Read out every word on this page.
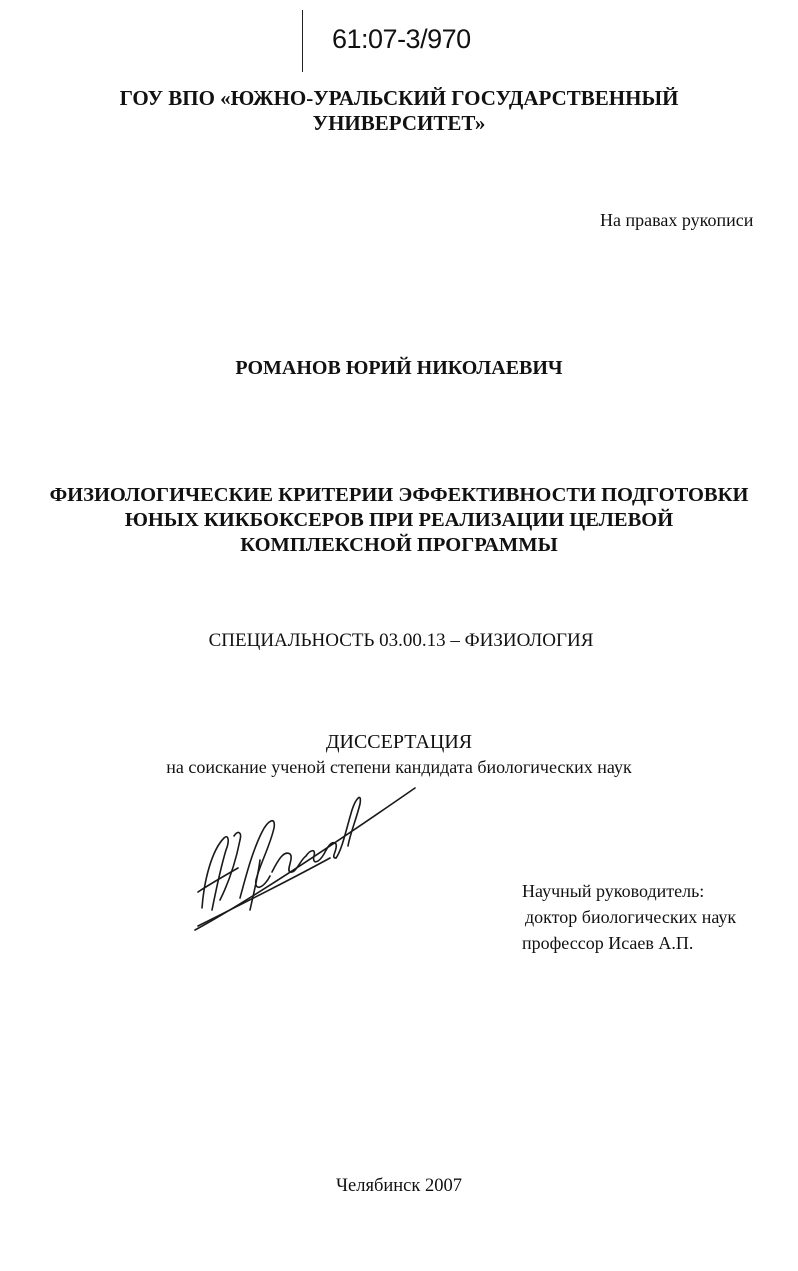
61:07-3/970
ГОУ ВПО «ЮЖНО-УРАЛЬСКИЙ ГОСУДАРСТВЕННЫЙ
УНИВЕРСИТЕТ»
На правах рукописи
РОМАНОВ ЮРИЙ НИКОЛАЕВИЧ
ФИЗИОЛОГИЧЕСКИЕ КРИТЕРИИ ЭФФЕКТИВНОСТИ ПОДГОТОВКИ
ЮНЫХ КИКБОКСЕРОВ ПРИ РЕАЛИЗАЦИИ ЦЕЛЕВОЙ
КОМПЛЕКСНОЙ ПРОГРАММЫ
СПЕЦИАЛЬНОСТЬ 03.00.13 – ФИЗИОЛОГИЯ
ДИССЕРТАЦИЯ
на соискание ученой степени кандидата биологических наук
Научный руководитель:
доктор биологических наук
профессор Исаев А.П.
Челябинск 2007
